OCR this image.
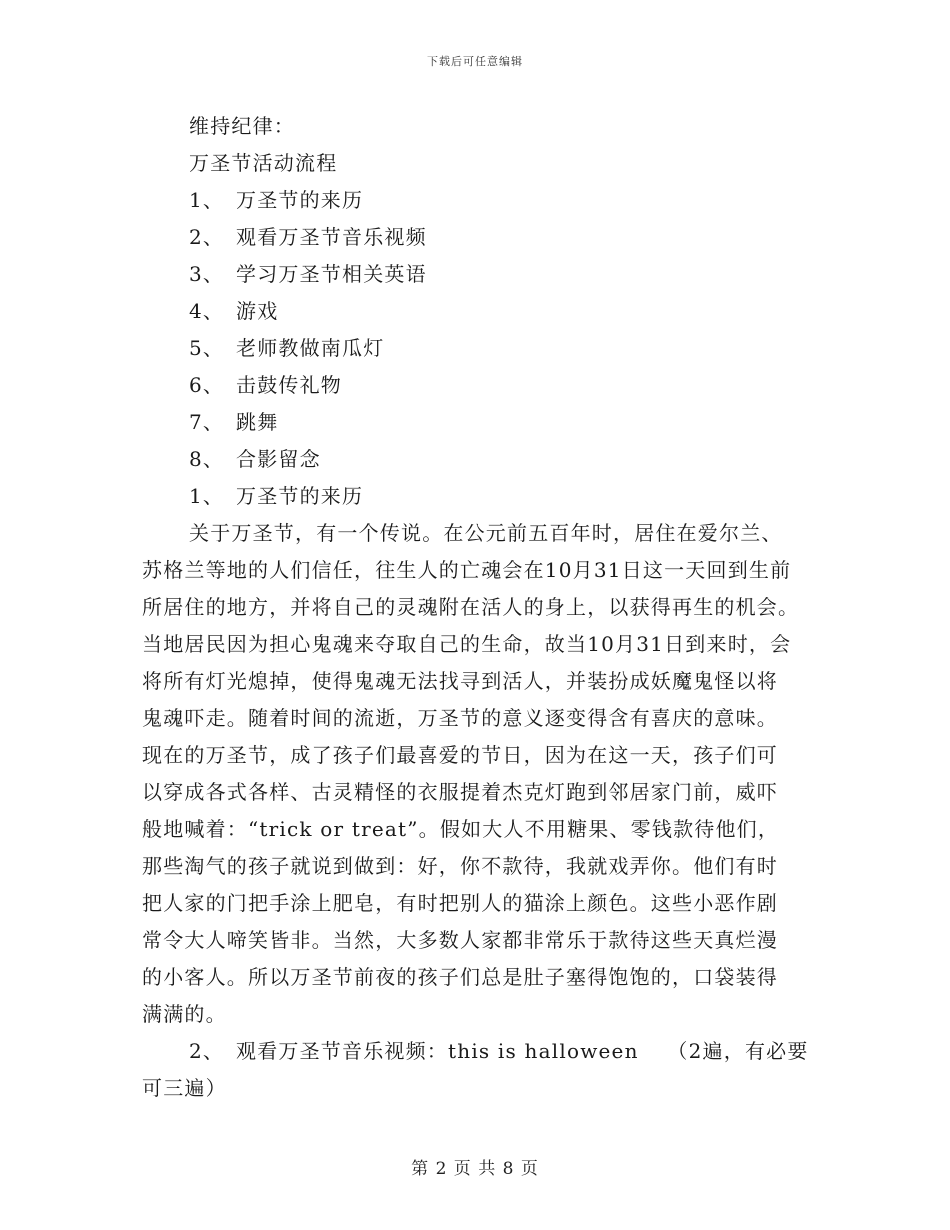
下载后可任意编辑
维持纪律：
万圣节活动流程
1、 万圣节的来历
2、 观看万圣节音乐视频
3、 学习万圣节相关英语
4、 游戏
5、 老师教做南瓜灯
6、 击鼓传礼物
7、 跳舞
8、 合影留念
1、 万圣节的来历
关于万圣节，有一个传说。在公元前五百年时，居住在爱尔兰、
苏格兰等地的人们信任，往生人的亡魂会在10月31日这一天回到生前
所居住的地方，并将自己的灵魂附在活人的身上，以获得再生的机会。
当地居民因为担心鬼魂来夺取自己的生命，故当10月31日到来时，会
将所有灯光熄掉，使得鬼魂无法找寻到活人，并装扮成妖魔鬼怪以将
鬼魂吓走。随着时间的流逝，万圣节的意义逐变得含有喜庆的意味。
现在的万圣节，成了孩子们最喜爱的节日，因为在这一天，孩子们可
以穿成各式各样、古灵精怪的衣服提着杰克灯跑到邻居家门前，威吓
般地喊着：“trick or treat”。假如大人不用糖果、零钱款待他们，
那些淘气的孩子就说到做到：好，你不款待，我就戏弄你。他们有时
把人家的门把手涂上肥皂，有时把别人的猫涂上颜色。这些小恶作剧
常令大人啼笑皆非。当然，大多数人家都非常乐于款待这些天真烂漫
的小客人。所以万圣节前夜的孩子们总是肚子塞得饱饱的，口袋装得
满满的。
2、 观看万圣节音乐视频：this is halloween　 （2遍，有必要
可三遍）
第 2 页 共 8 页
